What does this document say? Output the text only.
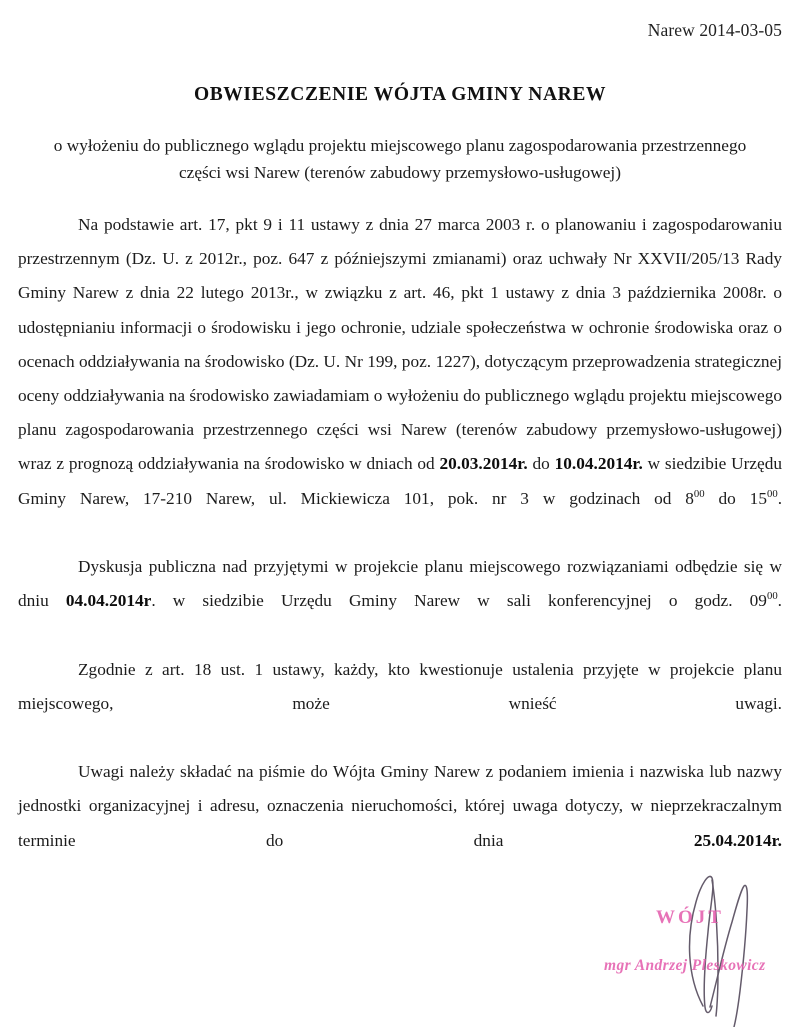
Narew 2014-03-05
OBWIESZCZENIE WÓJTA GMINY NAREW
o wyłożeniu do publicznego wglądu projektu miejscowego planu zagospodarowania przestrzennego części wsi Narew (terenów zabudowy przemysłowo-usługowej)

Na podstawie art. 17, pkt 9 i 11 ustawy z dnia 27 marca 2003 r. o planowaniu i zagospodarowaniu przestrzennym (Dz. U. z 2012r., poz. 647 z późniejszymi zmianami) oraz uchwały Nr XXVII/205/13 Rady Gminy Narew z dnia 22 lutego 2013r., w związku z art. 46, pkt 1 ustawy z dnia 3 października 2008r. o udostępnianiu informacji o środowisku i jego ochronie, udziale społeczeństwa w ochronie środowiska oraz o ocenach oddziaływania na środowisko (Dz. U. Nr 199, poz. 1227), dotyczącym przeprowadzenia strategicznej oceny oddziaływania na środowisko zawiadamiam o wyłożeniu do publicznego wglądu projektu miejscowego planu zagospodarowania przestrzennego części wsi Narew (terenów zabudowy przemysłowo-usługowej) wraz z prognozą oddziaływania na środowisko w dniach od 20.03.2014r. do 10.04.2014r. w siedzibie Urzędu Gminy Narew, 17-210 Narew, ul. Mickiewicza 101, pok. nr 3 w godzinach od $8^{00}$ do $15^{00}$.

Dyskusja publiczna nad przyjętymi w projekcie planu miejscowego rozwiązaniami odbędzie się w dniu 04.04.2014r. w siedzibie Urzędu Gminy Narew w sali konferencyjnej o godz. $09^{00}$.

Zgodnie z art. 18 ust. 1 ustawy, każdy, kto kwestionuje ustalenia przyjęte w projekcie planu miejscowego, może wnieść uwagi.

Uwagi należy składać na piśmie do Wójta Gminy Narew z podaniem imienia i nazwiska lub nazwy jednostki organizacyjnej i adresu, oznaczenia nieruchomości, której uwaga dotyczy, w nieprzekraczalnym terminie do dnia 25.04.2014r.

WÓJT
mgr Andrzej Pleskowicz
